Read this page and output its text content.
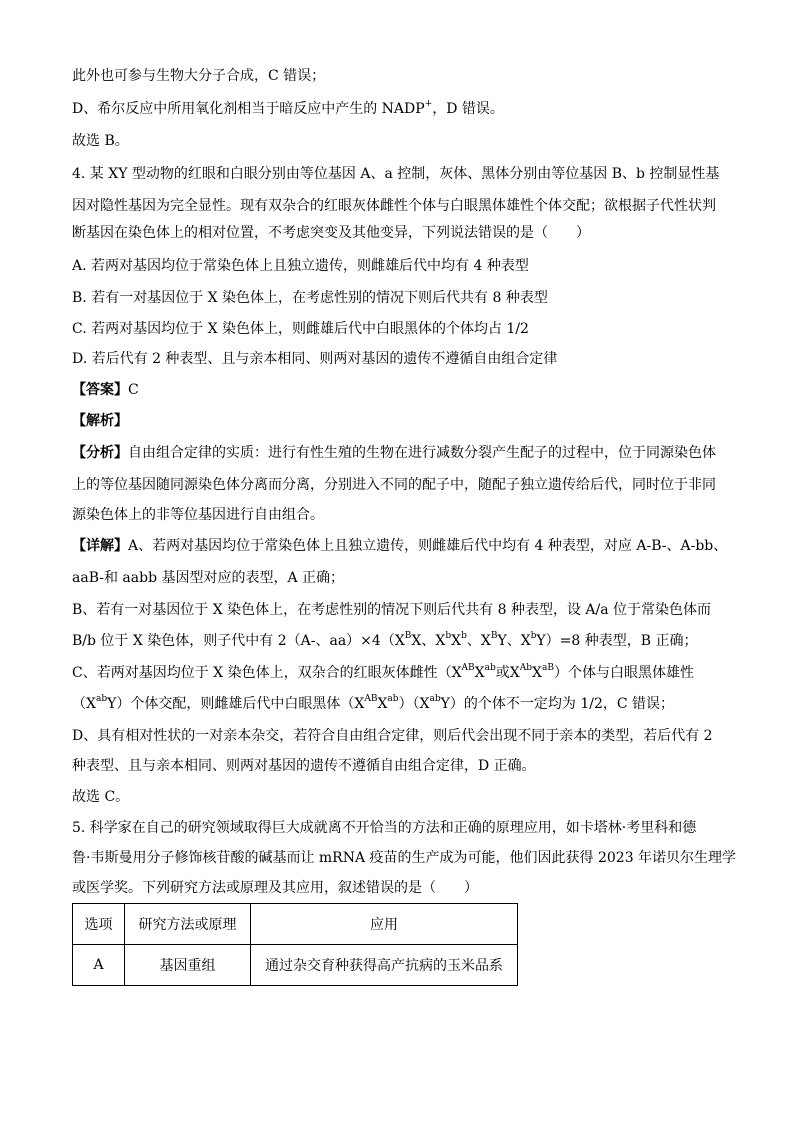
此外也可参与生物大分子合成，C 错误；
D、希尔反应中所用氧化剂相当于暗反应中产生的 NADP+，D 错误。
故选 B。
4. 某 XY 型动物的红眼和白眼分别由等位基因 A、a 控制，灰体、黑体分别由等位基因 B、b 控制显性基
因对隐性基因为完全显性。现有双杂合的红眼灰体雌性个体与白眼黑体雄性个体交配；欲根据子代性状判
断基因在染色体上的相对位置，不考虑突变及其他变异，下列说法错误的是（　　）
A. 若两对基因均位于常染色体上且独立遗传，则雌雄后代中均有 4 种表型
B. 若有一对基因位于 X 染色体上，在考虑性别的情况下则后代共有 8 种表型
C. 若两对基因均位于 X 染色体上，则雌雄后代中白眼黑体的个体均占 1/2
D. 若后代有 2 种表型、且与亲本相同、则两对基因的遗传不遵循自由组合定律
【答案】C
【解析】
【分析】自由组合定律的实质：进行有性生殖的生物在进行减数分裂产生配子的过程中，位于同源染色体
上的等位基因随同源染色体分离而分离，分别进入不同的配子中，随配子独立遗传给后代，同时位于非同
源染色体上的非等位基因进行自由组合。
【详解】A、若两对基因均位于常染色体上且独立遗传，则雌雄后代中均有 4 种表型，对应 A-B-、A-bb、
aaB-和 aabb 基因型对应的表型，A 正确；
B、若有一对基因位于 X 染色体上，在考虑性别的情况下则后代共有 8 种表型，设 A/a 位于常染色体而
B/b 位于 X 染色体，则子代中有 2（A-、$aa)\times 4(X^BX$、$X^bX^b$、$X^BY$、$X^bY)=8$ 种表型，B 正确；
C、若两对基因均位于 X 染色体上，双杂合的红眼灰体雌性（$X^{AB}X^{ab}$或$X^{Ab}X^{aB}$）个体与白眼黑体雄性
$(X^{ab}Y)$个体交配，则雌雄后代中白眼黑体$(X^{AB}X^{ab})(X^{ab}Y)$的个体不一定均为 1/2，C 错误；
D、具有相对性状的一对亲本杂交，若符合自由组合定律，则后代会出现不同于亲本的类型，若后代有 2
种表型、且与亲本相同、则两对基因的遗传不遵循自由组合定律，D 正确。
故选 C。
5. 科学家在自己的研究领域取得巨大成就离不开恰当的方法和正确的原理应用，如卡塔林·考里科和德
鲁·韦斯曼用分子修饰核苷酸的碱基而让 mRNA 疫苗的生产成为可能，他们因此获得 2023 年诺贝尔生理学
或医学奖。下列研究方法或原理及其应用，叙述错误的是（　　）
选项	研究方法或原理	应用
A	基因重组	通过杂交育种获得高产抗病的玉米品系
